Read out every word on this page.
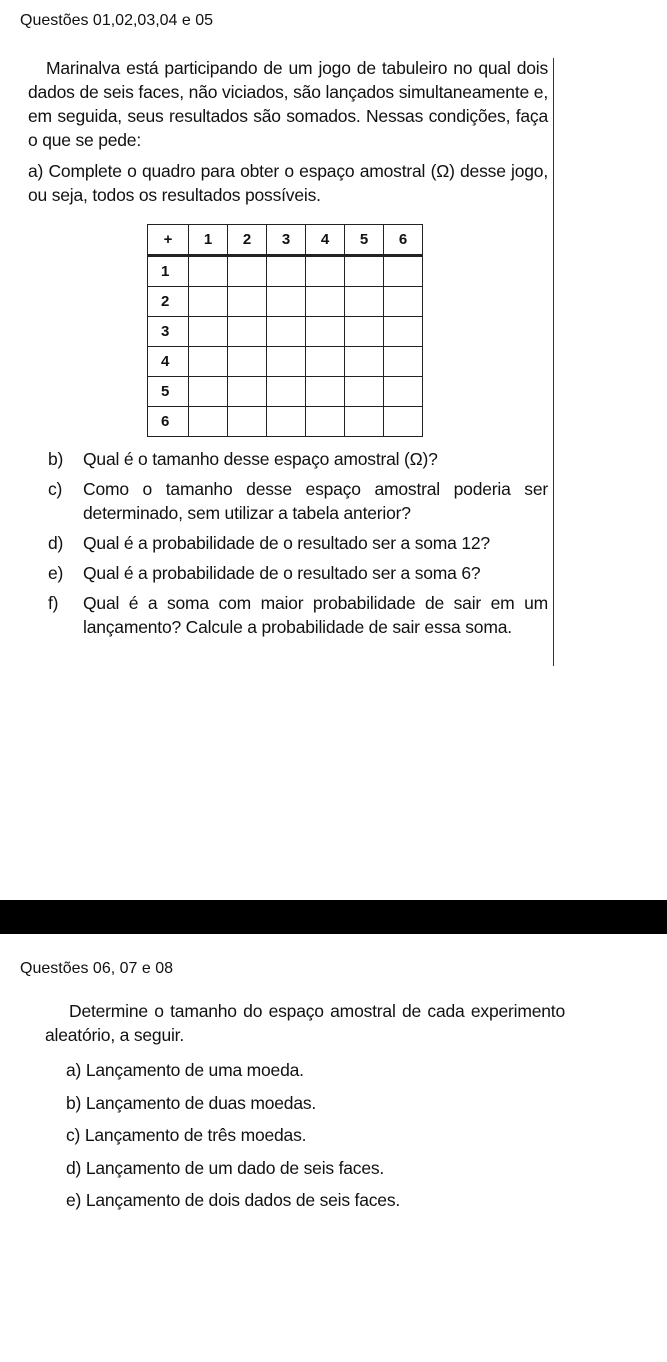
Questões 01,02,03,04 e 05

Marinalva está participando de um jogo de tabuleiro no qual dois dados de seis faces, não viciados, são lançados simultaneamente e, em seguida, seus resultados são somados. Nessas condições, faça o que se pede:

a) Complete o quadro para obter o espaço amostral (Ω) desse jogo, ou seja, todos os resultados possíveis.

+	1	2	3	4	5	6
1						
2						
3						
4						
5						
6						
b) Qual é o tamanho desse espaço amostral (Ω)?
c) Como o tamanho desse espaço amostral poderia ser determinado, sem utilizar a tabela anterior?
d) Qual é a probabilidade de o resultado ser a soma 12?
e) Qual é a probabilidade de o resultado ser a soma 6?
f) Qual é a soma com maior probabilidade de sair em um lançamento? Calcule a probabilidade de sair essa soma.
Questões 06, 07 e 08

Determine o tamanho do espaço amostral de cada experimento aleatório, a seguir.

a) Lançamento de uma moeda.
b) Lançamento de duas moedas.
c) Lançamento de três moedas.
d) Lançamento de um dado de seis faces.
e) Lançamento de dois dados de seis faces.
